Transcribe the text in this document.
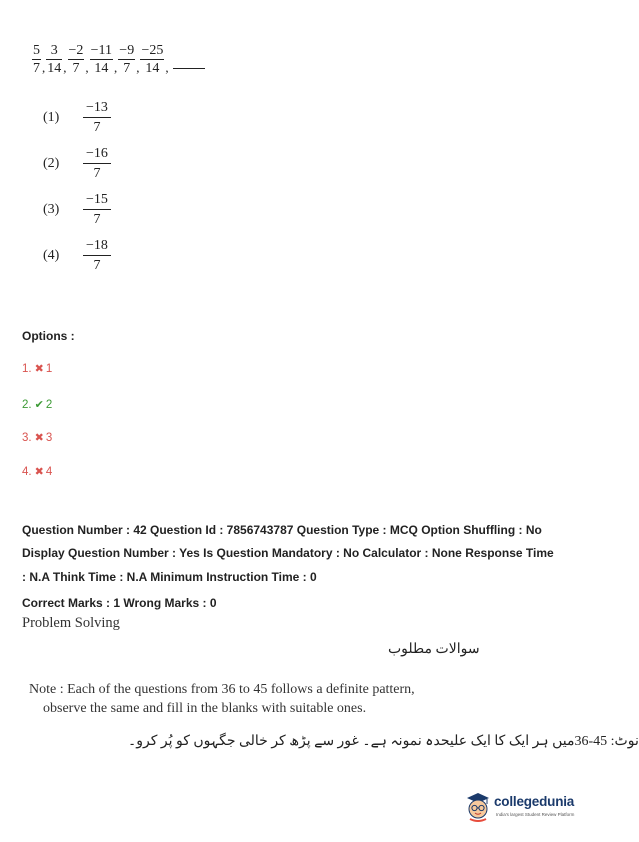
$\frac{5}{7}$ , $\frac{3}{14}$ , $\frac{-2}{7}$ , $\frac{-11}{14}$ , $\frac{-9}{7}$ , $\frac{-25}{14}$ ,
$(1) \frac{-13}{7}$
$(2) \frac{-16}{7}$
$(3) \frac{-15}{7}$
$(4) \frac{-18}{7}$
Options :
1. ✖ 1
2. ✔ 2
3. ✖ 3
4. ✖ 4
Question Number : 42 Question Id : 7856743787 Question Type : MCQ Option Shuffling : No
Display Question Number : Yes Is Question Mandatory : No Calculator : None Response Time
: N.A Think Time : N.A Minimum Instruction Time : 0
Correct Marks : 1 Wrong Marks : 0
Problem Solving
سوالات مطلوب
Note : Each of the questions from 36 to 45 follows a definite pattern,
observe the same and fill in the blanks with suitable ones.
نوٹ: 45-36میں ہر ایک کا ایک علیحدہ نمونہ ہے۔ غور سے پڑھ کر خالی جگہوں کو پُر کرو۔
collegedunia
India's largest Student Review Platform
